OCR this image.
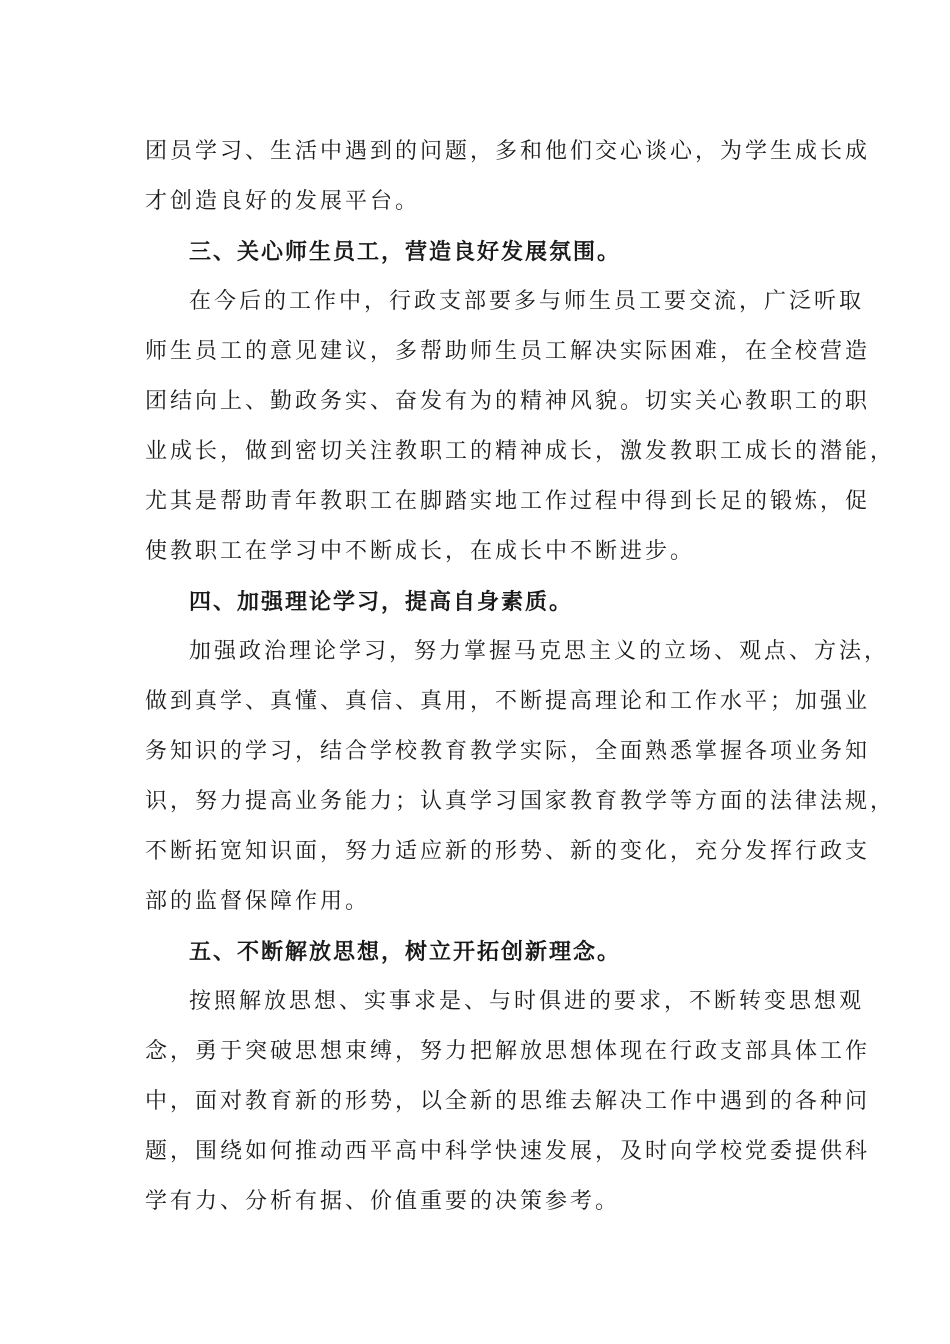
团员学习、生活中遇到的问题，多和他们交心谈心，为学生成长成
才创造良好的发展平台。
三、关心师生员工，营造良好发展氛围。
在今后的工作中，行政支部要多与师生员工要交流，广泛听取
师生员工的意见建议，多帮助师生员工解决实际困难，在全校营造
团结向上、勤政务实、奋发有为的精神风貌。切实关心教职工的职
业成长，做到密切关注教职工的精神成长，激发教职工成长的潜能，
尤其是帮助青年教职工在脚踏实地工作过程中得到长足的锻炼，促
使教职工在学习中不断成长，在成长中不断进步。
四、加强理论学习，提高自身素质。
加强政治理论学习，努力掌握马克思主义的立场、观点、方法，
做到真学、真懂、真信、真用，不断提高理论和工作水平；加强业
务知识的学习，结合学校教育教学实际，全面熟悉掌握各项业务知
识，努力提高业务能力；认真学习国家教育教学等方面的法律法规，
不断拓宽知识面，努力适应新的形势、新的变化，充分发挥行政支
部的监督保障作用。
五、不断解放思想，树立开拓创新理念。
按照解放思想、实事求是、与时俱进的要求，不断转变思想观
念，勇于突破思想束缚，努力把解放思想体现在行政支部具体工作
中，面对教育新的形势，以全新的思维去解决工作中遇到的各种问
题，围绕如何推动西平高中科学快速发展，及时向学校党委提供科
学有力、分析有据、价值重要的决策参考。
